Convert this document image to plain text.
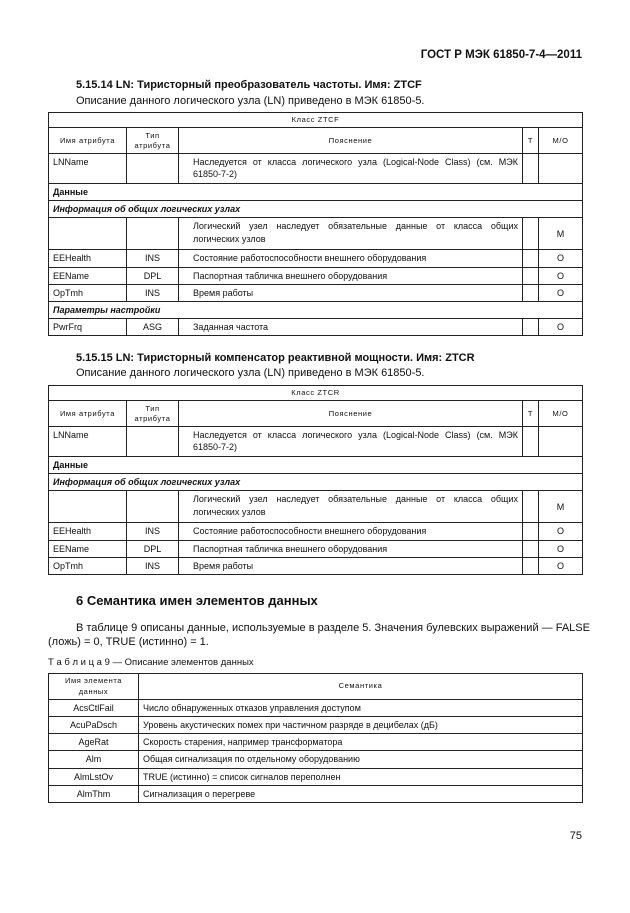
ГОСТ Р МЭК 61850-7-4—2011
5.15.14 LN: Тиристорный преобразователь частоты. Имя: ZTCF
Описание данного логического узла (LN) приведено в МЭК 61850-5.
Класс ZTCF				
Имя атрибута	Тип
атрибута	Пояснение	Т	М/О
LNName		Наследуется от класса логического узла (Logical-Node Class) (см. МЭК 61850-7-2)		
Данные				
Информация об общих логических узлах				
		Логический узел наследует обязательные данные от класса общих логических узлов		M
EEHealth	INS	Состояние работоспособности внешнего оборудования		O
EEName	DPL	Паспортная табличка внешнего оборудования		O
OpTmh	INS	Время работы		O
Параметры настройки				
PwrFrq	ASG	Заданная частота		O
5.15.15 LN: Тиристорный компенсатор реактивной мощности. Имя: ZTCR
Описание данного логического узла (LN) приведено в МЭК 61850-5.
Класс ZTCR				
Имя атрибута	Тип
атрибута	Пояснение	Т	М/О
LNName		Наследуется от класса логического узла (Logical-Node Class) (см. МЭК 61850-7-2)		
Данные				
Информация об общих логических узлах				
		Логический узел наследует обязательные данные от класса общих логических узлов		M
EEHealth	INS	Состояние работоспособности внешнего оборудования		O
EEName	DPL	Паспортная табличка внешнего оборудования		O
OpTmh	INS	Время работы		O
6 Семантика имен элементов данных
В таблице 9 описаны данные, используемые в разделе 5. Значения булевских выражений — FALSE
(ложь) = 0, TRUE (истинно) = 1.
Т а б л и ц а 9 — Описание элементов данных
Имя элемента
данных	Семантика
AcsCtlFail	Число обнаруженных отказов управления доступом
AcuPaDsch	Уровень акустических помех при частичном разряде в децибелах (дБ)
AgeRat	Скорость старения, например трансформатора
Alm	Общая сигнализация по отдельному оборудованию
AlmLstOv	TRUE (истинно) = список сигналов переполнен
AlmThm	Сигнализация о перегреве
75
